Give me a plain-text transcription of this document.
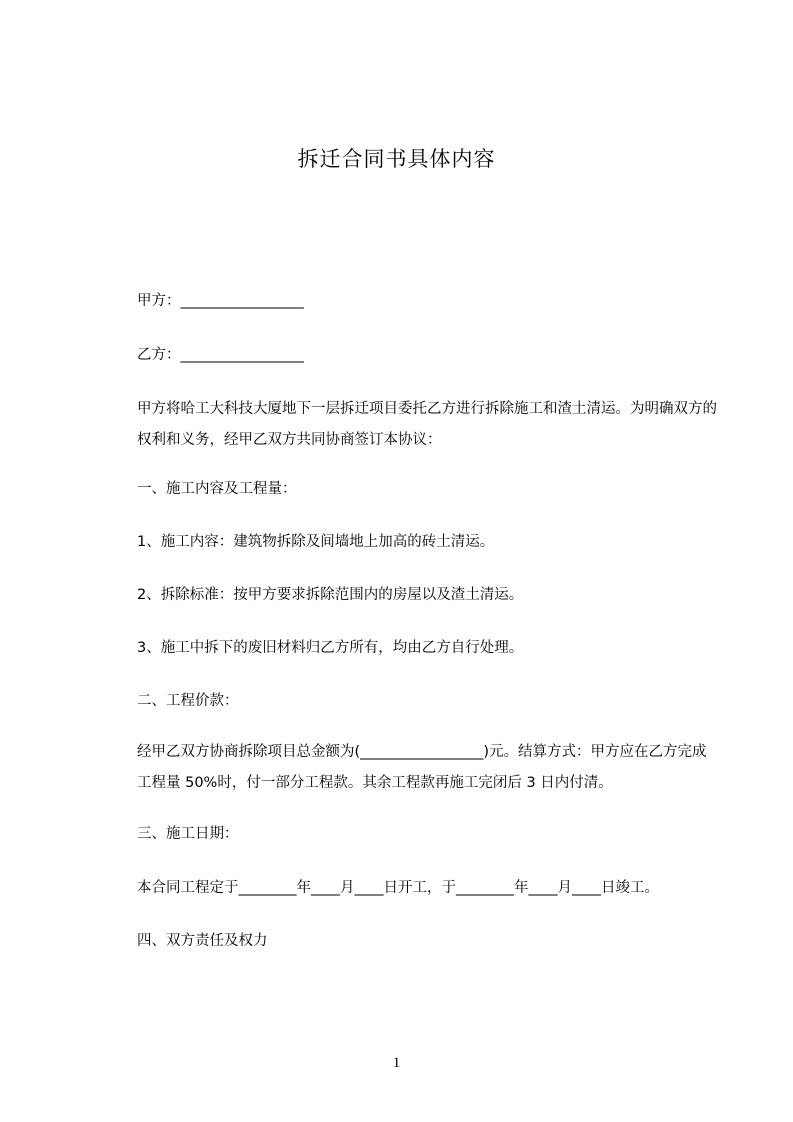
拆迁合同书具体内容
甲方：_________________
乙方：_________________
甲方将哈工大科技大厦地下一层拆迁项目委托乙方进行拆除施工和渣土清运。为明确双方的权利和义务，经甲乙双方共同协商签订本协议：
一、施工内容及工程量：
1、施工内容：建筑物拆除及间墙地上加高的砖土清运。
2、拆除标准：按甲方要求拆除范围内的房屋以及渣土清运。
3、施工中拆下的废旧材料归乙方所有，均由乙方自行处理。
二、工程价款：
经甲乙双方协商拆除项目总金额为(_________________)元。结算方式：甲方应在乙方完成工程量 50%时，付一部分工程款。其余工程款再施工完闭后 3 日内付清。
三、施工日期：
本合同工程定于________年____月____日开工，于________年____月____日竣工。
四、双方责任及权力
1
